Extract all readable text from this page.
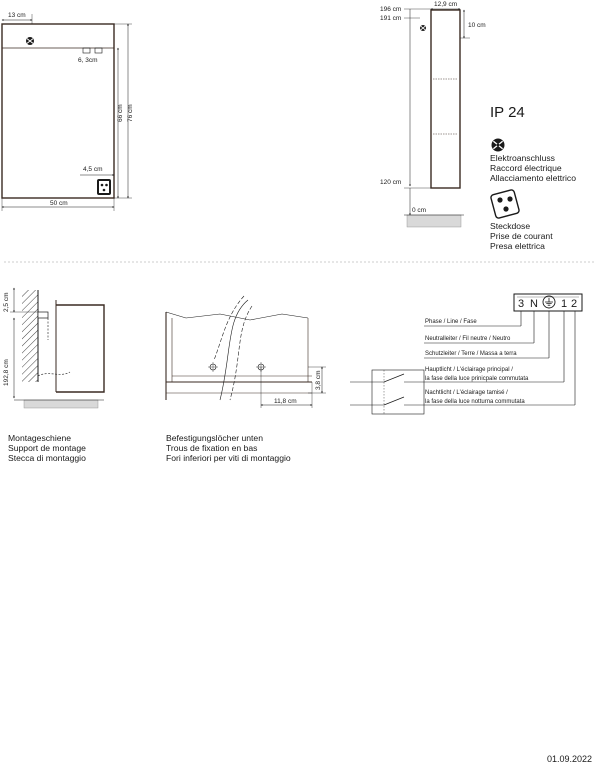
13 cm
6, 3cm
66 cm 76 cm
4,5 cm
50 cm
196 cm
191 cm
12,9 cm
10 cm
120 cm
0 cm
IP 24
Elektroanschluss
Raccord électrique
Allacciamento elettrico
Steckdose
Prise de courant
Presa elettrica
2,5 cm
192,8 cm
Montageschiene
Support de montage
Stecca di montaggio
11,8 cm
3,8 cm
Befestigungslöcher unten
Trous de fixation en bas
Fori inferiori per viti di montaggio
3 N 1 2
Phase / Line / Fase
Neutralleiter / Fil neutre / Neutro
Schutzleiter / Terre / Massa a terra
Hauptlicht / L'éclairage principal /
la fase della luce prinicpale commutata
Nachtlicht / L'éclairage tamisé /
la fase della luce notturna commutata
01.09.2022
